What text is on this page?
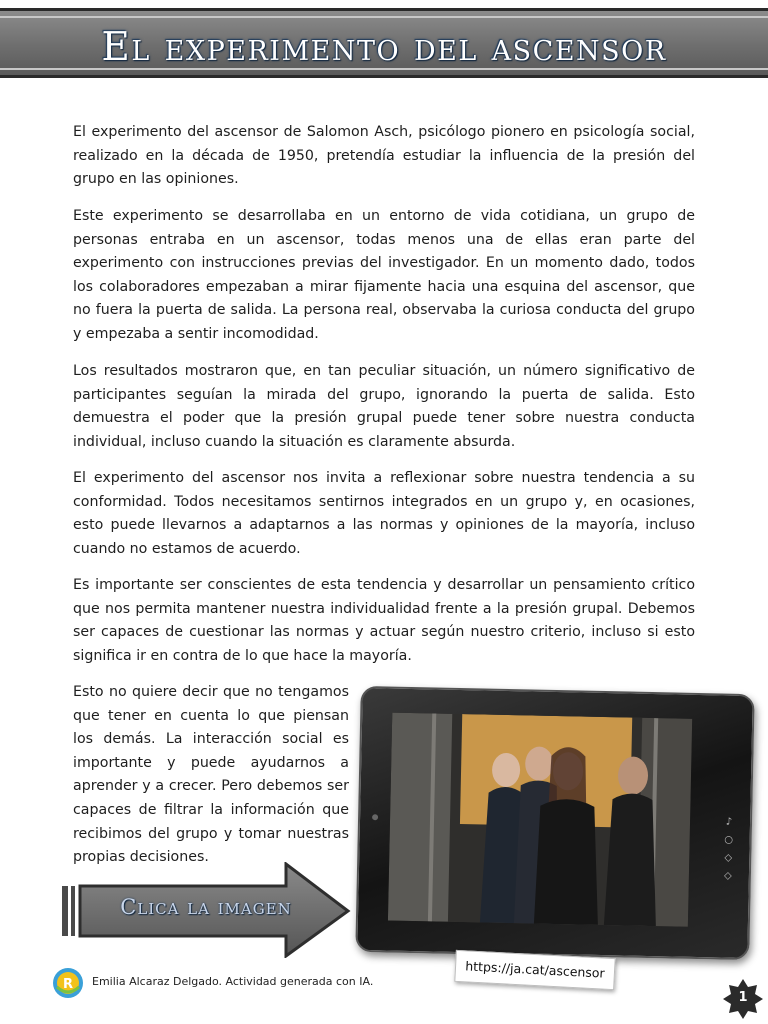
El experimento del ascensor

El experimento del ascensor de Salomon Asch, psicólogo pionero en psicología social, realizado en la década de 1950, pretendía estudiar la influencia de la presión del grupo en las opiniones.

Este experimento se desarrollaba en un entorno de vida cotidiana, un grupo de personas entraba en un ascensor, todas menos una de ellas eran parte del experimento con instrucciones previas del investigador. En un momento dado, todos los colaboradores empezaban a mirar fijamente hacia una esquina del ascensor, que no fuera la puerta de salida. La persona real, observaba la curiosa conducta del grupo y empezaba a sentir incomodidad.

Los resultados mostraron que, en tan peculiar situación, un número significativo de participantes seguían la mirada del grupo, ignorando la puerta de salida. Esto demuestra el poder que la presión grupal puede tener sobre nuestra conducta individual, incluso cuando la situación es claramente absurda.

El experimento del ascensor nos invita a reflexionar sobre nuestra tendencia a su conformidad. Todos necesitamos sentirnos integrados en un grupo y, en ocasiones, esto puede llevarnos a adaptarnos a las normas y opiniones de la mayoría, incluso cuando no estamos de acuerdo.

Es importante ser conscientes de esta tendencia y desarrollar un pensamiento crítico que nos permita mantener nuestra individualidad frente a la presión grupal. Debemos ser capaces de cuestionar las normas y actuar según nuestro criterio, incluso si esto significa ir en contra de lo que hace la mayoría.

Esto no quiere decir que no tengamos que tener en cuenta lo que piensan los demás. La interacción social es importante y puede ayudarnos a aprender y a crecer. Pero debemos ser capaces de filtrar la información que recibimos del grupo y tomar nuestras propias decisiones.

Clica la imagen
♪
○
◇
◇
https://ja.cat/ascensor
R Emilia Alcaraz Delgado. Actividad generada con IA.
1
